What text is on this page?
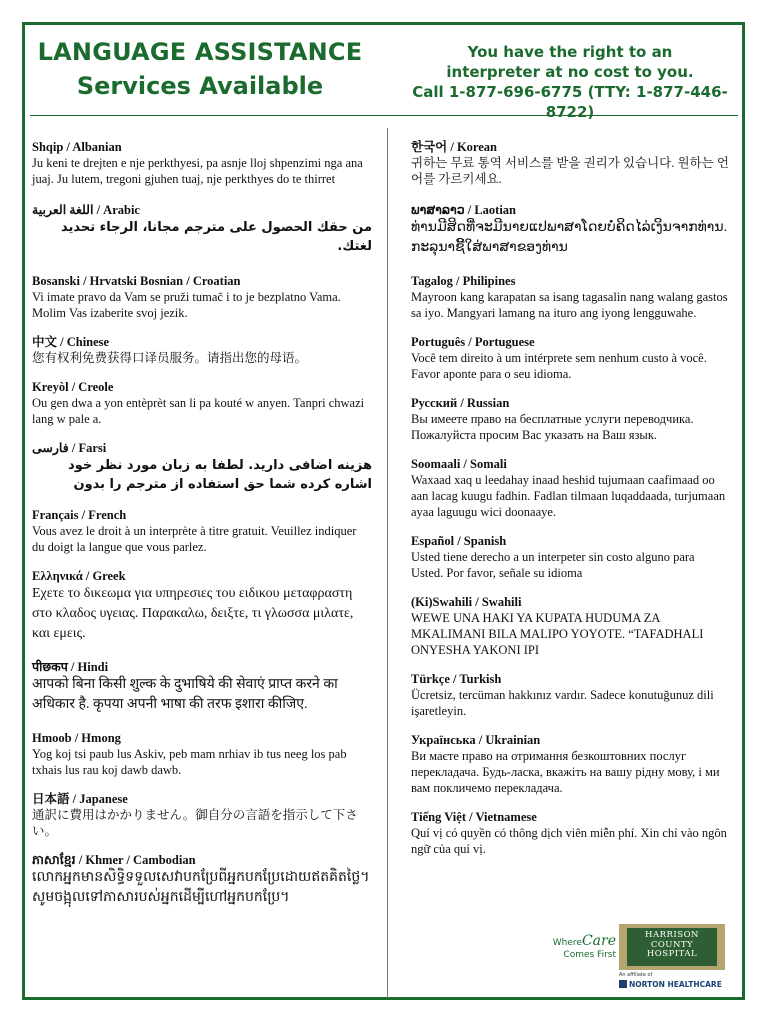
LANGUAGE ASSISTANCE
Services Available
You have the right to an
interpreter at no cost to you.
Call 1-877-696-6775 (TTY: 1-877-446-8722)
Shqip / Albanian
Ju keni te drejten e nje perkthyesi, pa asnje lloj shpenzimi nga ana juaj. Ju lutem, tregoni gjuhen tuaj, nje perkthyes do te thirret
اللغة العربية / Arabic
من حقك الحصول على مترجم مجانا، الرجاء تحديد لغتك.
Bosanski / Hrvatski Bosnian / Croatian
Vi imate pravo da Vam se pruži tumač i to je bezplatno Vama. Molim Vas izaberite svoj jezik.
中文 / Chinese
您有权利免费获得口译员服务。请指出您的母语。
Kreyòl / Creole
Ou gen dwa a yon entèprèt san li pa kouté w anyen. Tanpri chwazi lang w pale a.
فارسی / Farsi
هزینه اضافی دارید. لطفا به زبان مورد نظر خود اشاره کرده شما حق استفاده از مترجم را بدون
Français / French
Vous avez le droit à un interprète à titre gratuit. Veuillez indiquer du doigt la langue que vous parlez.
Ελληνικά / Greek
Εχετε το δικεωμα για υπηρεσιες του ειδικου μεταφραστη στο κλαδος υγειας. Παρακαλω, δειξτε, τι γλωσσα μιλατε, και εμεις.
पीछकप / Hindi
आपको बिना किसी शुल्क के दुभाषिये की सेवाएं प्राप्त करने का अधिकार है. कृपया अपनी भाषा की तरफ इशारा कीजिए.
Hmoob / Hmong
Yog koj tsi paub lus Askiv, peb mam nrhiav ib tus neeg los pab txhais lus rau koj dawb dawb.
日本語 / Japanese
通訳に費用はかかりません。御自分の言語を指示して下さい。
ភាសាខ្មែរ / Khmer / Cambodian
លោកអ្នកមានសិទ្ធិទទួលសេវាបកប្រែពីអ្នកបកប្រែដោយឥតគិតថ្លៃ។ សូមចង្អុលទៅភាសារបស់អ្នកដើម្បីហៅអ្នកបកប្រែ។
한국어 / Korean
귀하는 무료 통역 서비스를 받을 권리가 있습니다. 원하는 언어를 가르키세요.
ພາສາລາວ / Laotian
ທ່ານມີສິດທີ່ຈະມີນາຍແປພາສາໂດຍບໍ່ຄິດໄລ່ເງິນຈາກທ່ານ. ກະລຸນາຊີ້ໃສ່ພາສາຂອງທ່ານ
Tagalog / Philipines
Mayroon kang karapatan sa isang tagasalin nang walang gastos sa iyo. Mangyari lamang na ituro ang iyong lengguwahe.
Português / Portuguese
Você tem direito à um intérprete sem nenhum custo à você. Favor aponte para o seu idioma.
Русский / Russian
Вы имеете право на бесплатные услуги переводчика. Пожалуйста просим Вас указать на Ваш язык.
Soomaali / Somali
Waxaad xaq u leedahay inaad heshid tujumaan caafimaad oo aan lacag kuugu fadhin. Fadlan tilmaan luqaddaada, turjumaan ayaa laguugu wici doonaaye.
Español / Spanish
Usted tiene derecho a un interpeter sin costo alguno para Usted. Por favor, señale su idioma
(Ki)Swahili / Swahili
WEWE UNA HAKI YA KUPATA HUDUMA ZA MKALIMANI BILA MALIPO YOYOTE. “TAFADHALI ONYESHA YAKONI IPI
Türkçe / Turkish
Ücretsiz, tercüman hakkınız vardır. Sadece konutuğunuz dili işaretleyin.
Українська / Ukrainian
Ви маєте право на отримання безкоштовних послуг перекладача. Будь-ласка, вкажіть на вашу рідну мову, і ми вам покличемо перекладача.
Tiếng Việt / Vietnamese
Quí vị có quyền có thông dịch viên miễn phí. Xin chỉ vào ngôn ngữ của quí vị.
WhereCare
Comes First
HARRISON
COUNTY
HOSPITAL
An affiliate of
NORTON HEALTHCARE
